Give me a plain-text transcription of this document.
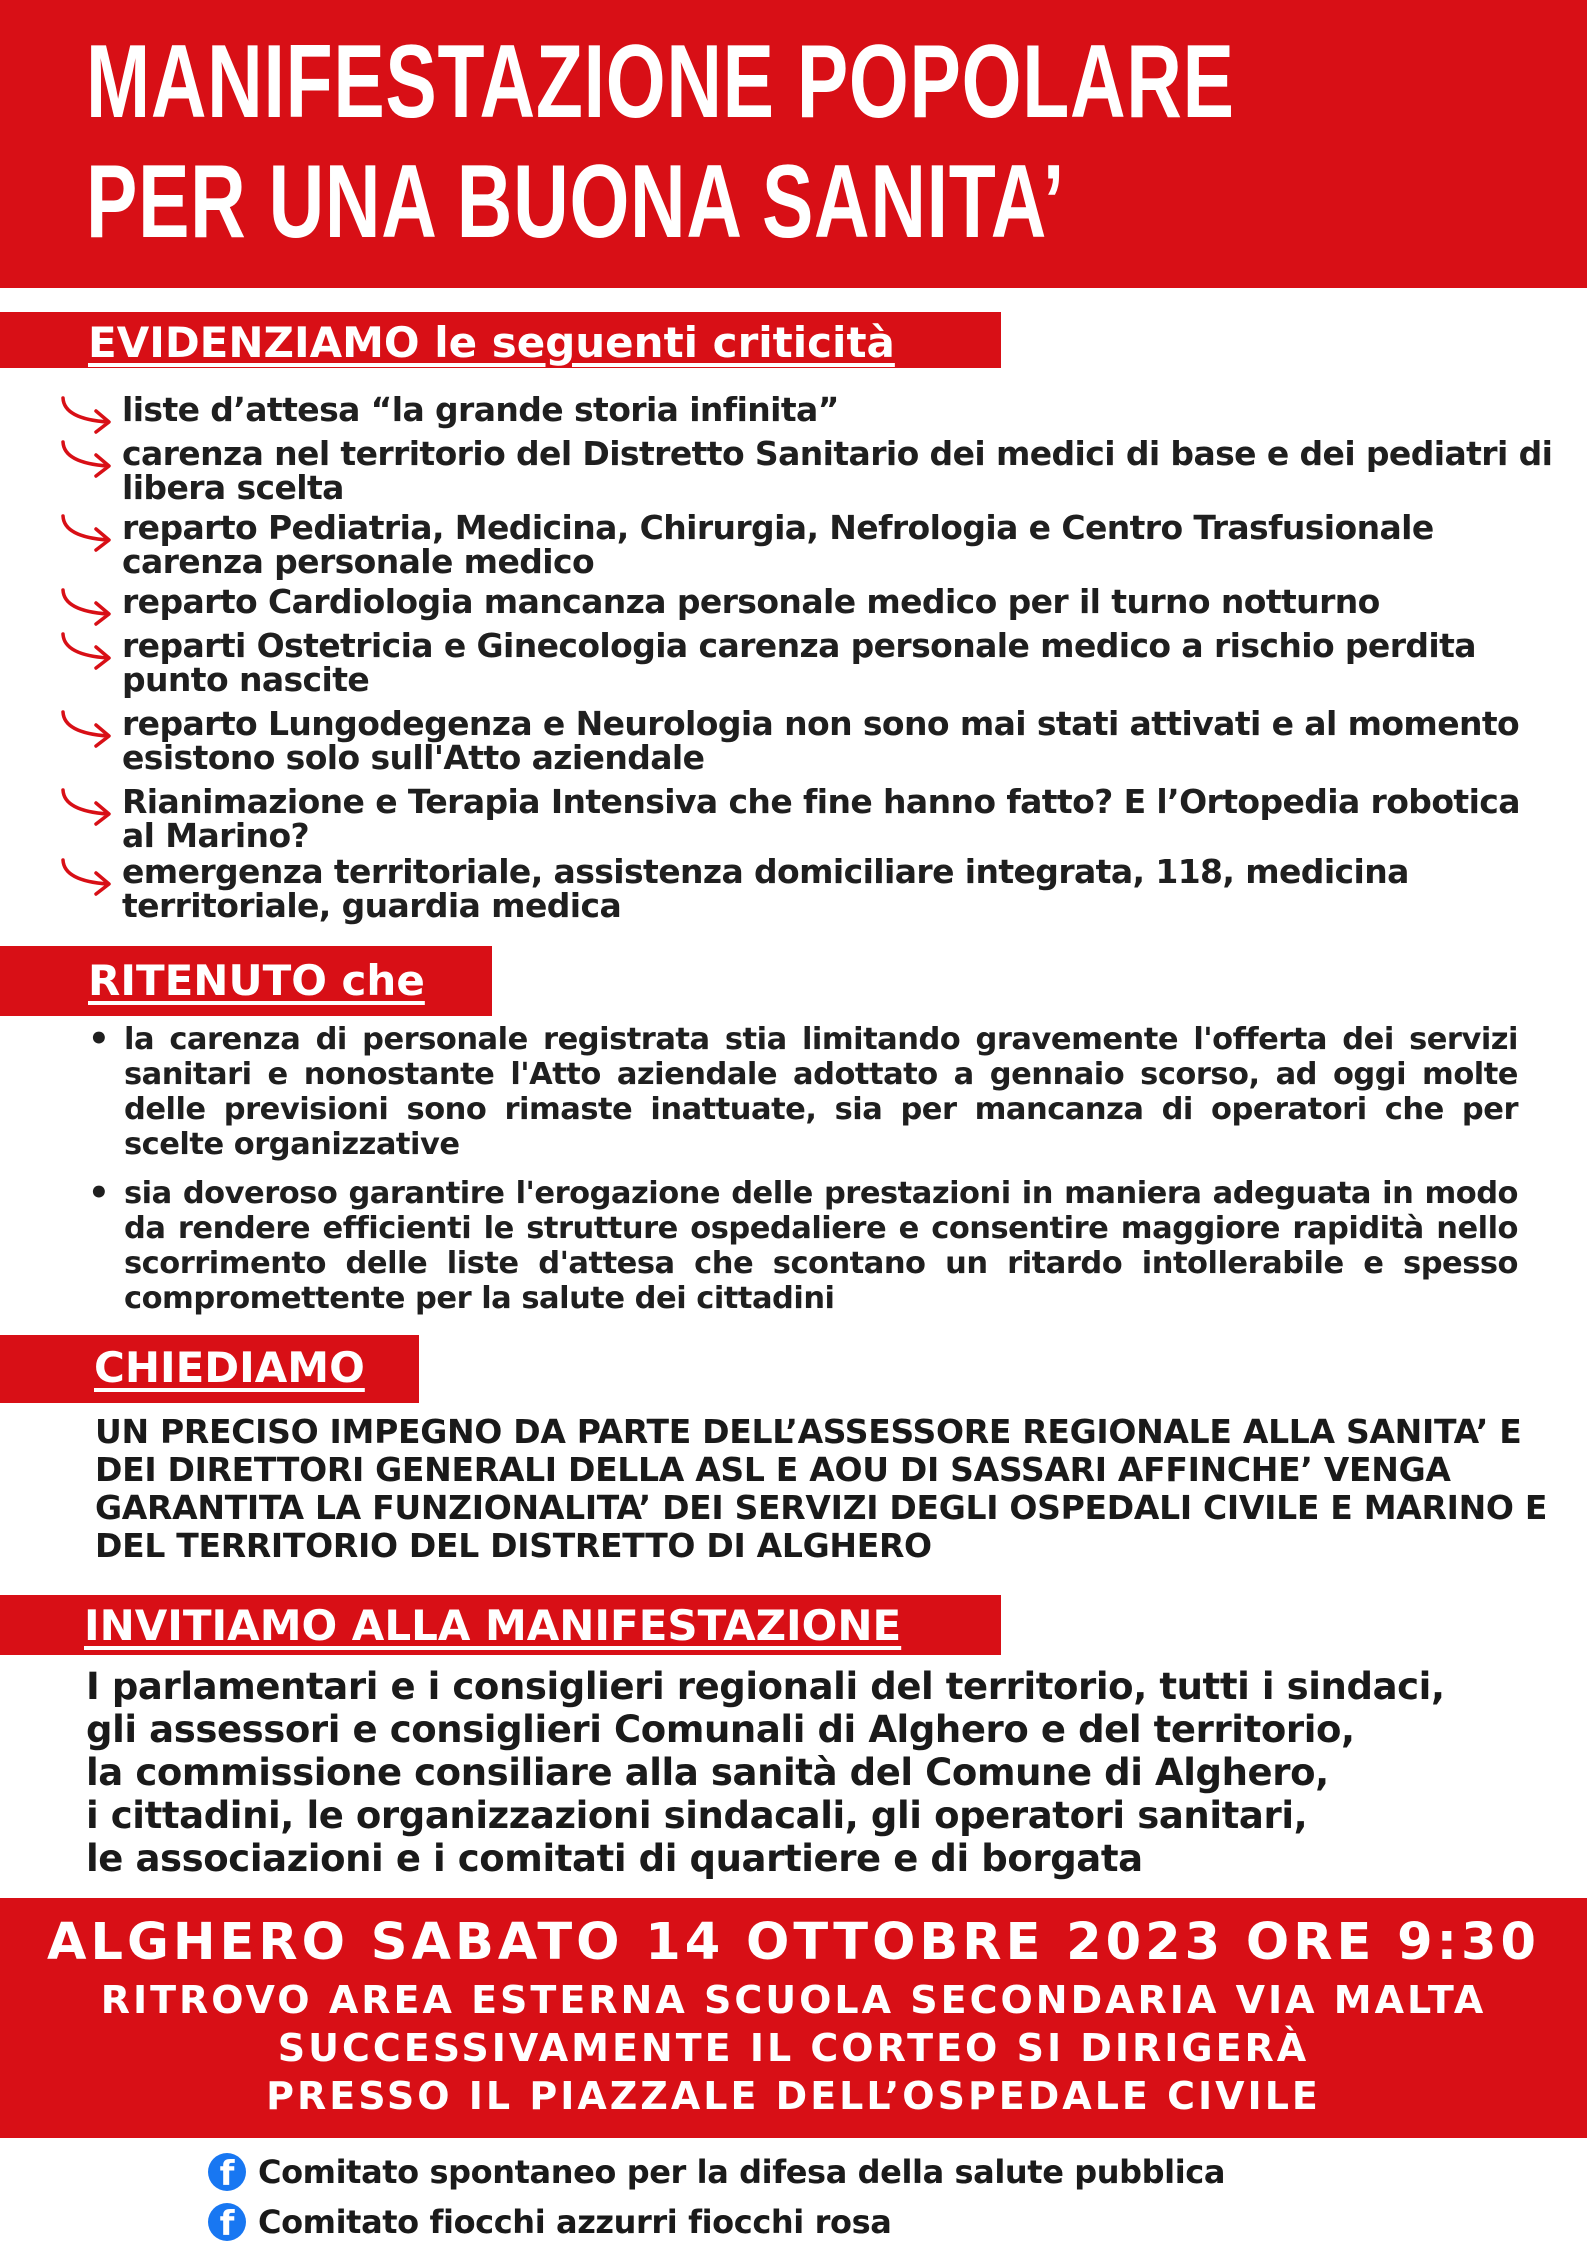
MANIFESTAZIONE POPOLARE
PER UNA BUONA SANITA’
EVIDENZIAMO le seguenti criticità
liste d’attesa “la grande storia infinita”
carenza nel territorio del Distretto Sanitario dei medici di base e dei pediatri di libera scelta
reparto Pediatria, Medicina, Chirurgia, Nefrologia e Centro Trasfusionale carenza personale medico
reparto Cardiologia mancanza personale medico per il turno notturno
reparti Ostetricia e Ginecologia carenza personale medico a rischio perdita punto nascite
reparto Lungodegenza e Neurologia non sono mai stati attivati e al momento esistono solo sull'Atto aziendale
Rianimazione e Terapia Intensiva che fine hanno fatto? E l’Ortopedia robotica al Marino?
emergenza territoriale, assistenza domiciliare integrata, 118, medicina territoriale, guardia medica
RITENUTO che
• la carenza di personale registrata stia limitando gravemente l'offerta dei servizi sanitari e nonostante l'Atto aziendale adottato a gennaio scorso, ad oggi molte delle previsioni sono rimaste inattuate, sia per mancanza di operatori che per scelte organizzative
• sia doveroso garantire l'erogazione delle prestazioni in maniera adeguata in modo da rendere efficienti le strutture ospedaliere e consentire maggiore rapidità nello scorrimento delle liste d'attesa che scontano un ritardo intollerabile e spesso compromettente per la salute dei cittadini
CHIEDIAMO
UN PRECISO IMPEGNO DA PARTE DELL’ASSESSORE REGIONALE ALLA SANITA’ E DEI DIRETTORI GENERALI DELLA ASL E AOU DI SASSARI AFFINCHE’ VENGA GARANTITA LA FUNZIONALITA’ DEI SERVIZI DEGLI OSPEDALI CIVILE E MARINO E DEL TERRITORIO DEL DISTRETTO DI ALGHERO
INVITIAMO ALLA MANIFESTAZIONE
I parlamentari e i consiglieri regionali del territorio, tutti i sindaci,
gli assessori e consiglieri Comunali di Alghero e del territorio,
la commissione consiliare alla sanità del Comune di Alghero,
i cittadini, le organizzazioni sindacali, gli operatori sanitari,
le associazioni e i comitati di quartiere e di borgata
ALGHERO SABATO 14 OTTOBRE 2023 ORE 9:30
RITROVO AREA ESTERNA SCUOLA SECONDARIA VIA MALTA
SUCCESSIVAMENTE IL CORTEO SI DIRIGERÀ
PRESSO IL PIAZZALE DELL’OSPEDALE CIVILE
f Comitato spontaneo per la difesa della salute pubblica
f Comitato fiocchi azzurri fiocchi rosa
